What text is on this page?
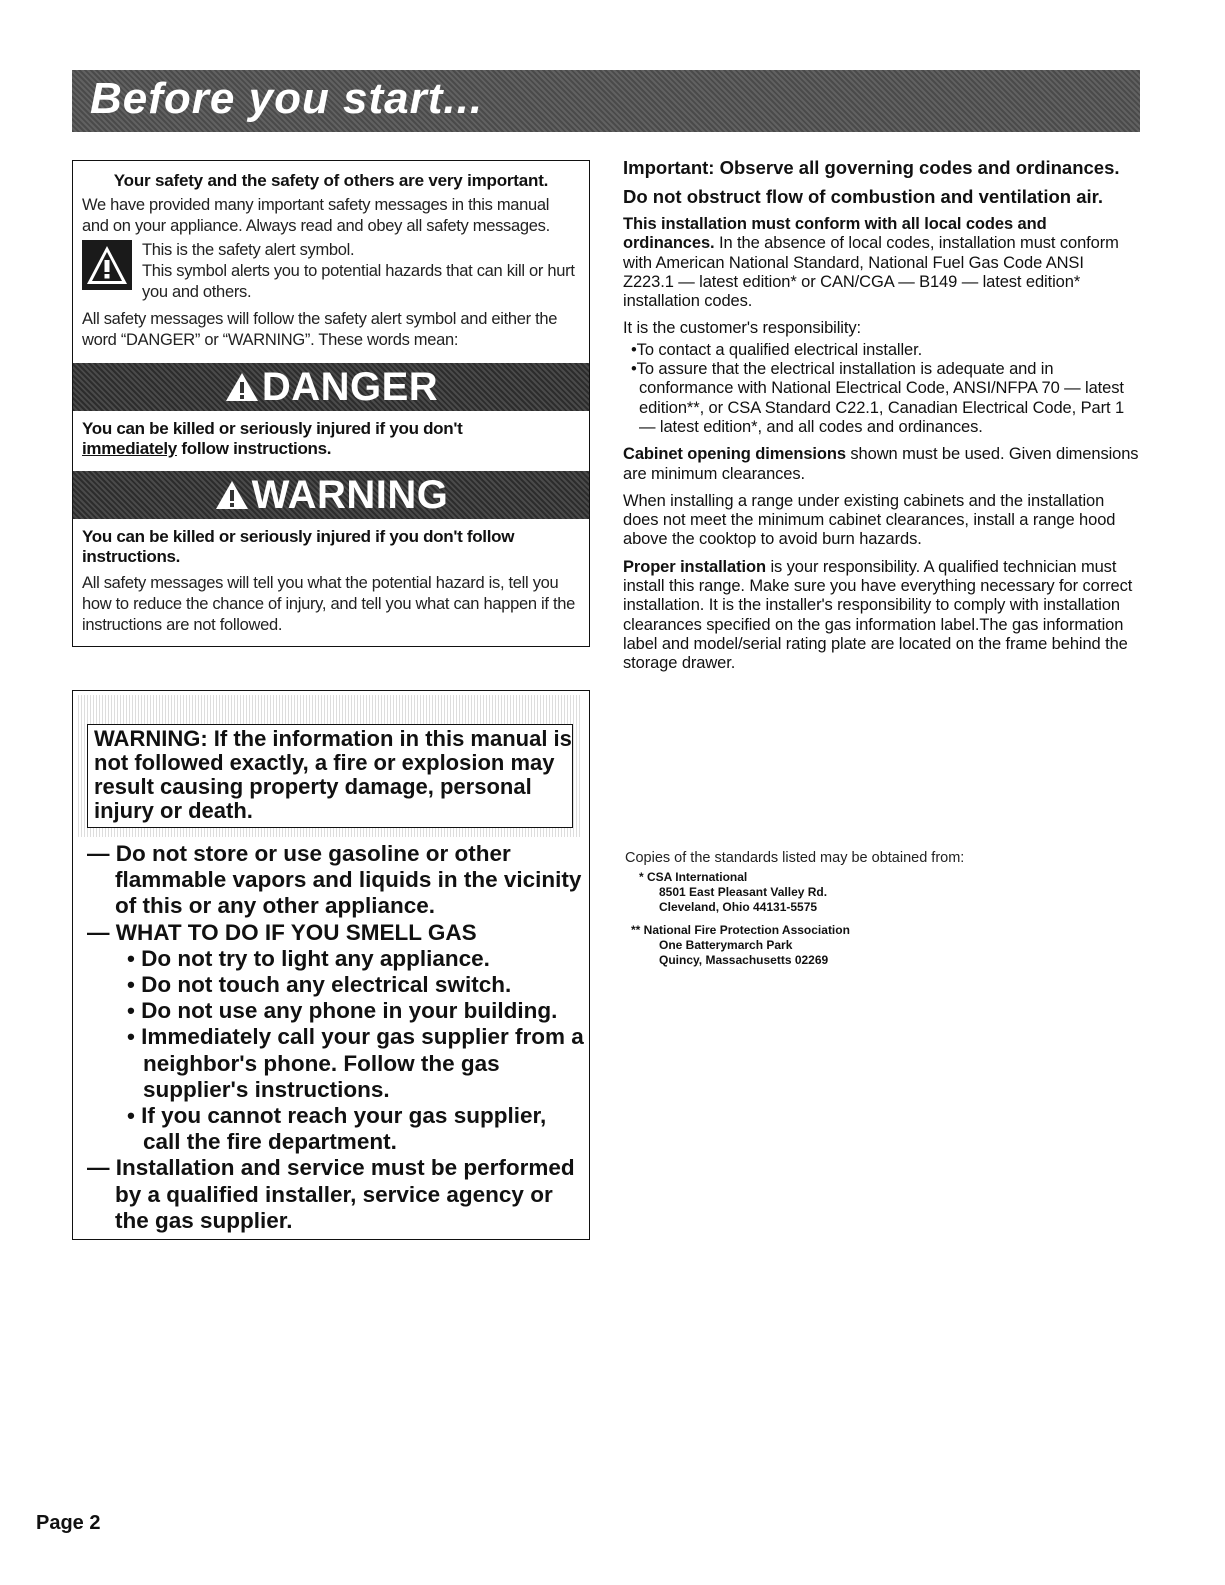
Before you start...
Your safety and the safety of others are very important.
We have provided many important safety messages in this manual and on your appliance. Always read and obey all safety messages.
This is the safety alert symbol.
This symbol alerts you to potential hazards that can kill or hurt you and others.
All safety messages will follow the safety alert symbol and either the word “DANGER” or “WARNING”. These words mean:
DANGER
You can be killed or seriously injured if you don't
immediately follow instructions.
WARNING
You can be killed or seriously injured if you don't follow instructions.
All safety messages will tell you what the potential hazard is, tell you how to reduce the chance of injury, and tell you what can happen if the instructions are not followed.
WARNING: If the information in this manual is not followed exactly, a fire or explosion may result causing property damage, personal injury or death.
— Do not store or use gasoline or other flammable vapors and liquids in the vicinity of this or any other appliance.
— WHAT TO DO IF YOU SMELL GAS
• Do not try to light any appliance.
• Do not touch any electrical switch.
• Do not use any phone in your building.
• Immediately call your gas supplier from a neighbor's phone. Follow the gas supplier's instructions.
• If you cannot reach your gas supplier, call the fire department.
— Installation and service must be performed by a qualified installer, service agency or the gas supplier.
Important: Observe all governing codes and ordinances.
Do not obstruct flow of combustion and ventilation air.
This installation must conform with all local codes and ordinances. In the absence of local codes, installation must conform with American National Standard, National Fuel Gas Code ANSI Z223.1 — latest edition* or CAN/CGA — B149 — latest edition* installation codes.
It is the customer's responsibility:
•To contact a qualified electrical installer.
•To assure that the electrical installation is adequate and in conformance with National Electrical Code, ANSI/NFPA 70 — latest edition**, or CSA Standard C22.1, Canadian Electrical Code, Part 1 — latest edition*, and all codes and ordinances.
Cabinet opening dimensions shown must be used. Given dimensions are minimum clearances.
When installing a range under existing cabinets and the installation does not meet the minimum cabinet clearances, install a range hood above the cooktop to avoid burn hazards.
Proper installation is your responsibility. A qualified technician must install this range. Make sure you have everything necessary for correct installation. It is the installer's responsibility to comply with installation clearances specified on the gas information label.The gas information label and model/serial rating plate are located on the frame behind the storage drawer.
Copies of the standards listed may be obtained from:
* CSA International
8501 East Pleasant Valley Rd.
Cleveland, Ohio 44131-5575
** National Fire Protection Association
One Batterymarch Park
Quincy, Massachusetts 02269
Page 2
